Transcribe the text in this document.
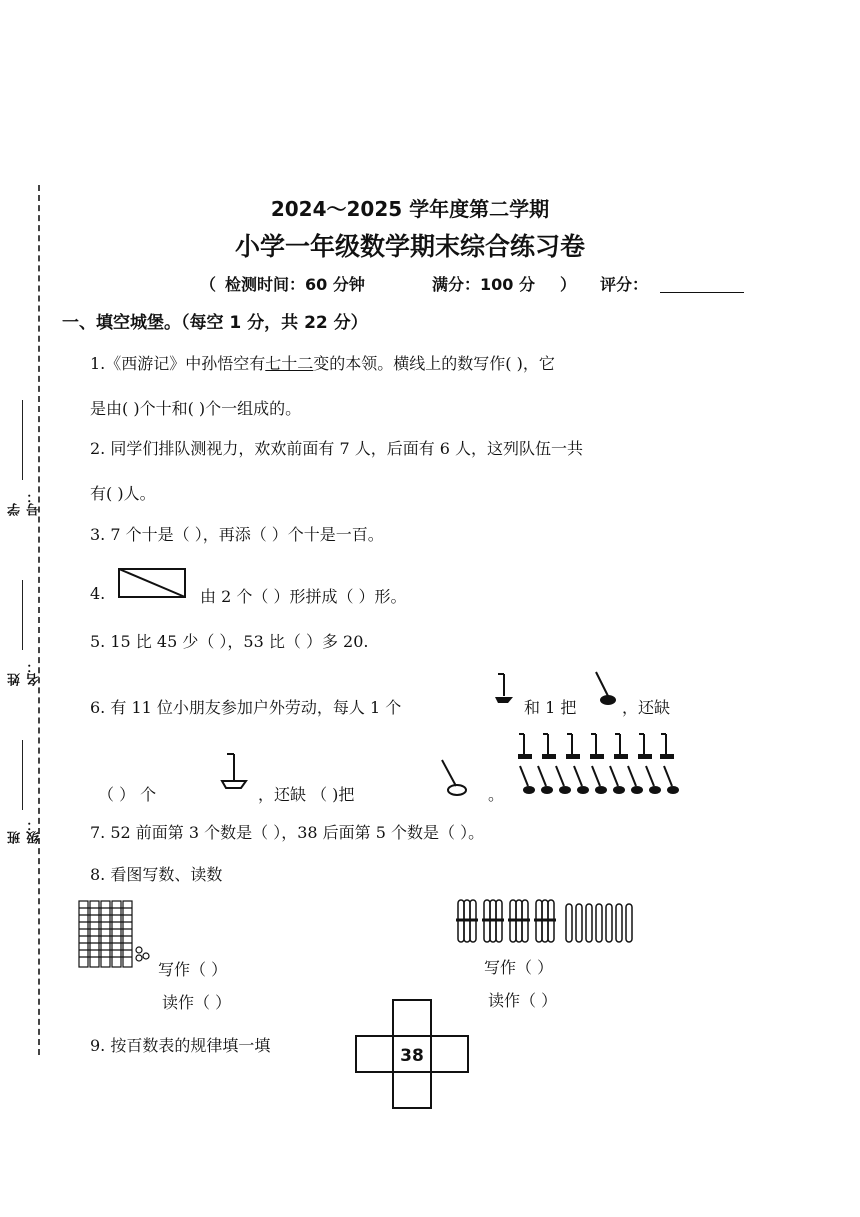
学号：
姓名：
班级：
2024～2025 学年度第二学期
小学一年级数学期末综合练习卷
（ 检测时间：60 分钟	满分：100 分 ） 评分：
一、填空城堡。（每空 1 分，共 22 分）
1.《西游记》中孙悟空有七十二变的本领。横线上的数写作( )，它
是由( )个十和( )个一组成的。
2. 同学们排队测视力，欢欢前面有 7 人，后面有 6 人，这列队伍一共
有( )人。
3. 7 个十是（ ），再添（ ）个十是一百。
4.	由 2 个（ ）形拼成（ ）形。
5. 15 比 45 少（ ），53 比（ ）多 20.
6. 有 11 位小朋友参加户外劳动，每人 1 个	和 1 把	，还缺
（ ） 个	，还缺 （ )把	。
7. 52 前面第 3 个数是（ ），38 后面第 5 个数是（ ）。
8. 看图写数、读数
写作（ ）
读作（ ）
写作（ ）
读作（ ）
9. 按百数表的规律填一填
38
